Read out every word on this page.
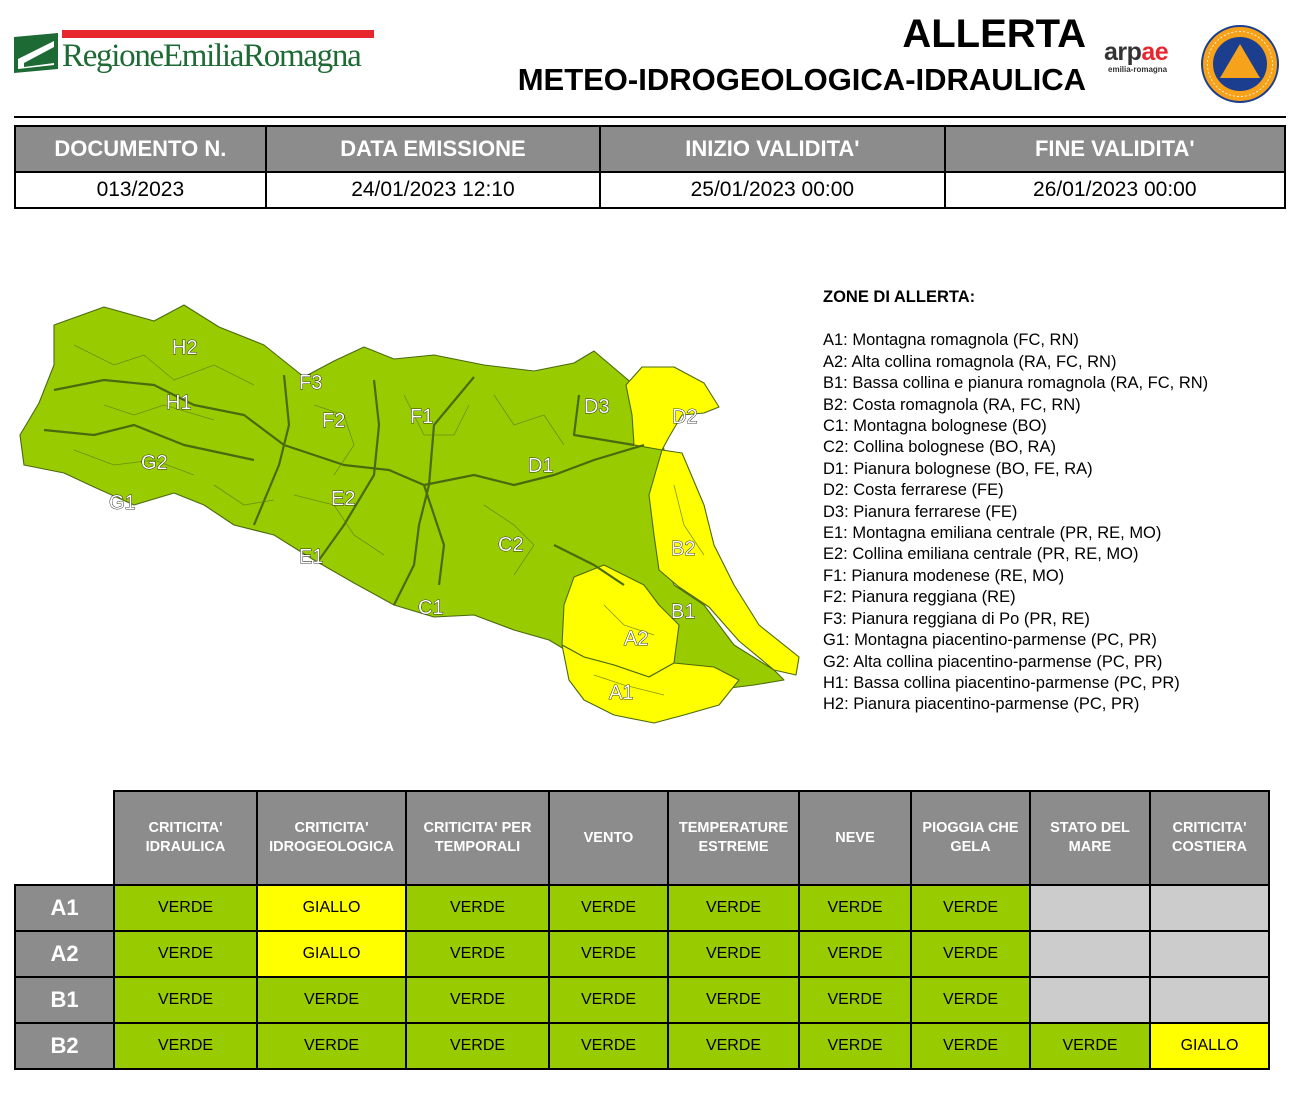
RegioneEmiliaRomagna	ALLERTA
METEO-IDROGEOLOGICA-IDRAULICA
arpae
emilia-romagna
DOCUMENTO N.	DATA EMISSIONE	INIZIO VALIDITA'	FINE VALIDITA'
013/2023	24/01/2023 12:10	25/01/2023 00:00	26/01/2023 00:00
H2
H1
G2
G1
F3
F2	F1
E2
E1
D3	D2
D1
C2
C1
B2
B1
A2
A1
ZONE DI ALLERTA:
A1: Montagna romagnola (FC, RN)
A2: Alta collina romagnola (RA, FC, RN)
B1: Bassa collina e pianura romagnola (RA, FC, RN)
B2: Costa romagnola (RA, FC, RN)
C1: Montagna bolognese (BO)
C2: Collina bolognese (BO, RA)
D1: Pianura bolognese (BO, FE, RA)
D2: Costa ferrarese (FE)
D3: Pianura ferrarese (FE)
E1: Montagna emiliana centrale (PR, RE, MO)
E2: Collina emiliana centrale (PR, RE, MO)
F1: Pianura modenese (RE, MO)
F2: Pianura reggiana (RE)
F3: Pianura reggiana di Po (PR, RE)
G1: Montagna piacentino-parmense (PC, PR)
G2: Alta collina piacentino-parmense (PC, PR)
H1: Bassa collina piacentino-parmense (PC, PR)
H2: Pianura piacentino-parmense (PC, PR)
	CRITICITA' IDRAULICA	CRITICITA' IDROGEOLOGICA	CRITICITA' PER TEMPORALI	VENTO	TEMPERATURE ESTREME	NEVE	PIOGGIA CHE GELA	STATO DEL MARE	CRITICITA' COSTIERA
A1	VERDE	GIALLO	VERDE	VERDE	VERDE	VERDE	VERDE		
A2	VERDE	GIALLO	VERDE	VERDE	VERDE	VERDE	VERDE		
B1	VERDE	VERDE	VERDE	VERDE	VERDE	VERDE	VERDE		
B2	VERDE	VERDE	VERDE	VERDE	VERDE	VERDE	VERDE	VERDE	GIALLO
